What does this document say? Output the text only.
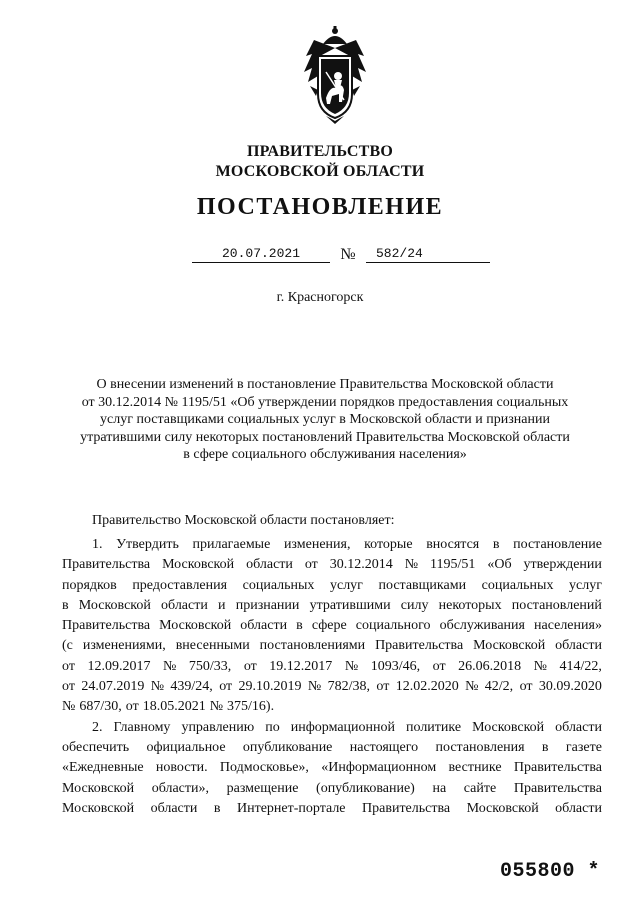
ПРАВИТЕЛЬСТВО
МОСКОВСКОЙ ОБЛАСТИ
ПОСТАНОВЛЕНИЕ
20.07.2021	№	582/24
г. Красногорск
О внесении изменений в постановление Правительства Московской области
от 30.12.2014 № 1195/51 «Об утверждении порядков предоставления социальных
услуг поставщиками социальных услуг в Московской области и признании
утратившими силу некоторых постановлений Правительства Московской области
в сфере социального обслуживания населения»
Правительство Московской области постановляет:
1. Утвердить прилагаемые изменения, которые вносятся в постановление
Правительства Московской области от 30.12.2014 № 1195/51 «Об утверждении
порядков предоставления социальных услуг поставщиками социальных услуг
в Московской области и признании утратившими силу некоторых постановлений
Правительства Московской области в сфере социального обслуживания населения»
(с изменениями, внесенными постановлениями Правительства Московской области
от 12.09.2017 № 750/33, от 19.12.2017 № 1093/46, от 26.06.2018 № 414/22,
от 24.07.2019 № 439/24, от 29.10.2019 № 782/38, от 12.02.2020 № 42/2, от 30.09.2020
№ 687/30, от 18.05.2021 № 375/16).
2. Главному управлению по информационной политике Московской области
обеспечить официальное опубликование настоящего постановления в газете
«Ежедневные новости. Подмосковье», «Информационном вестнике Правительства
Московской области», размещение (опубликование) на сайте Правительства
Московской области в Интернет-портале Правительства Московской области
055800 *
